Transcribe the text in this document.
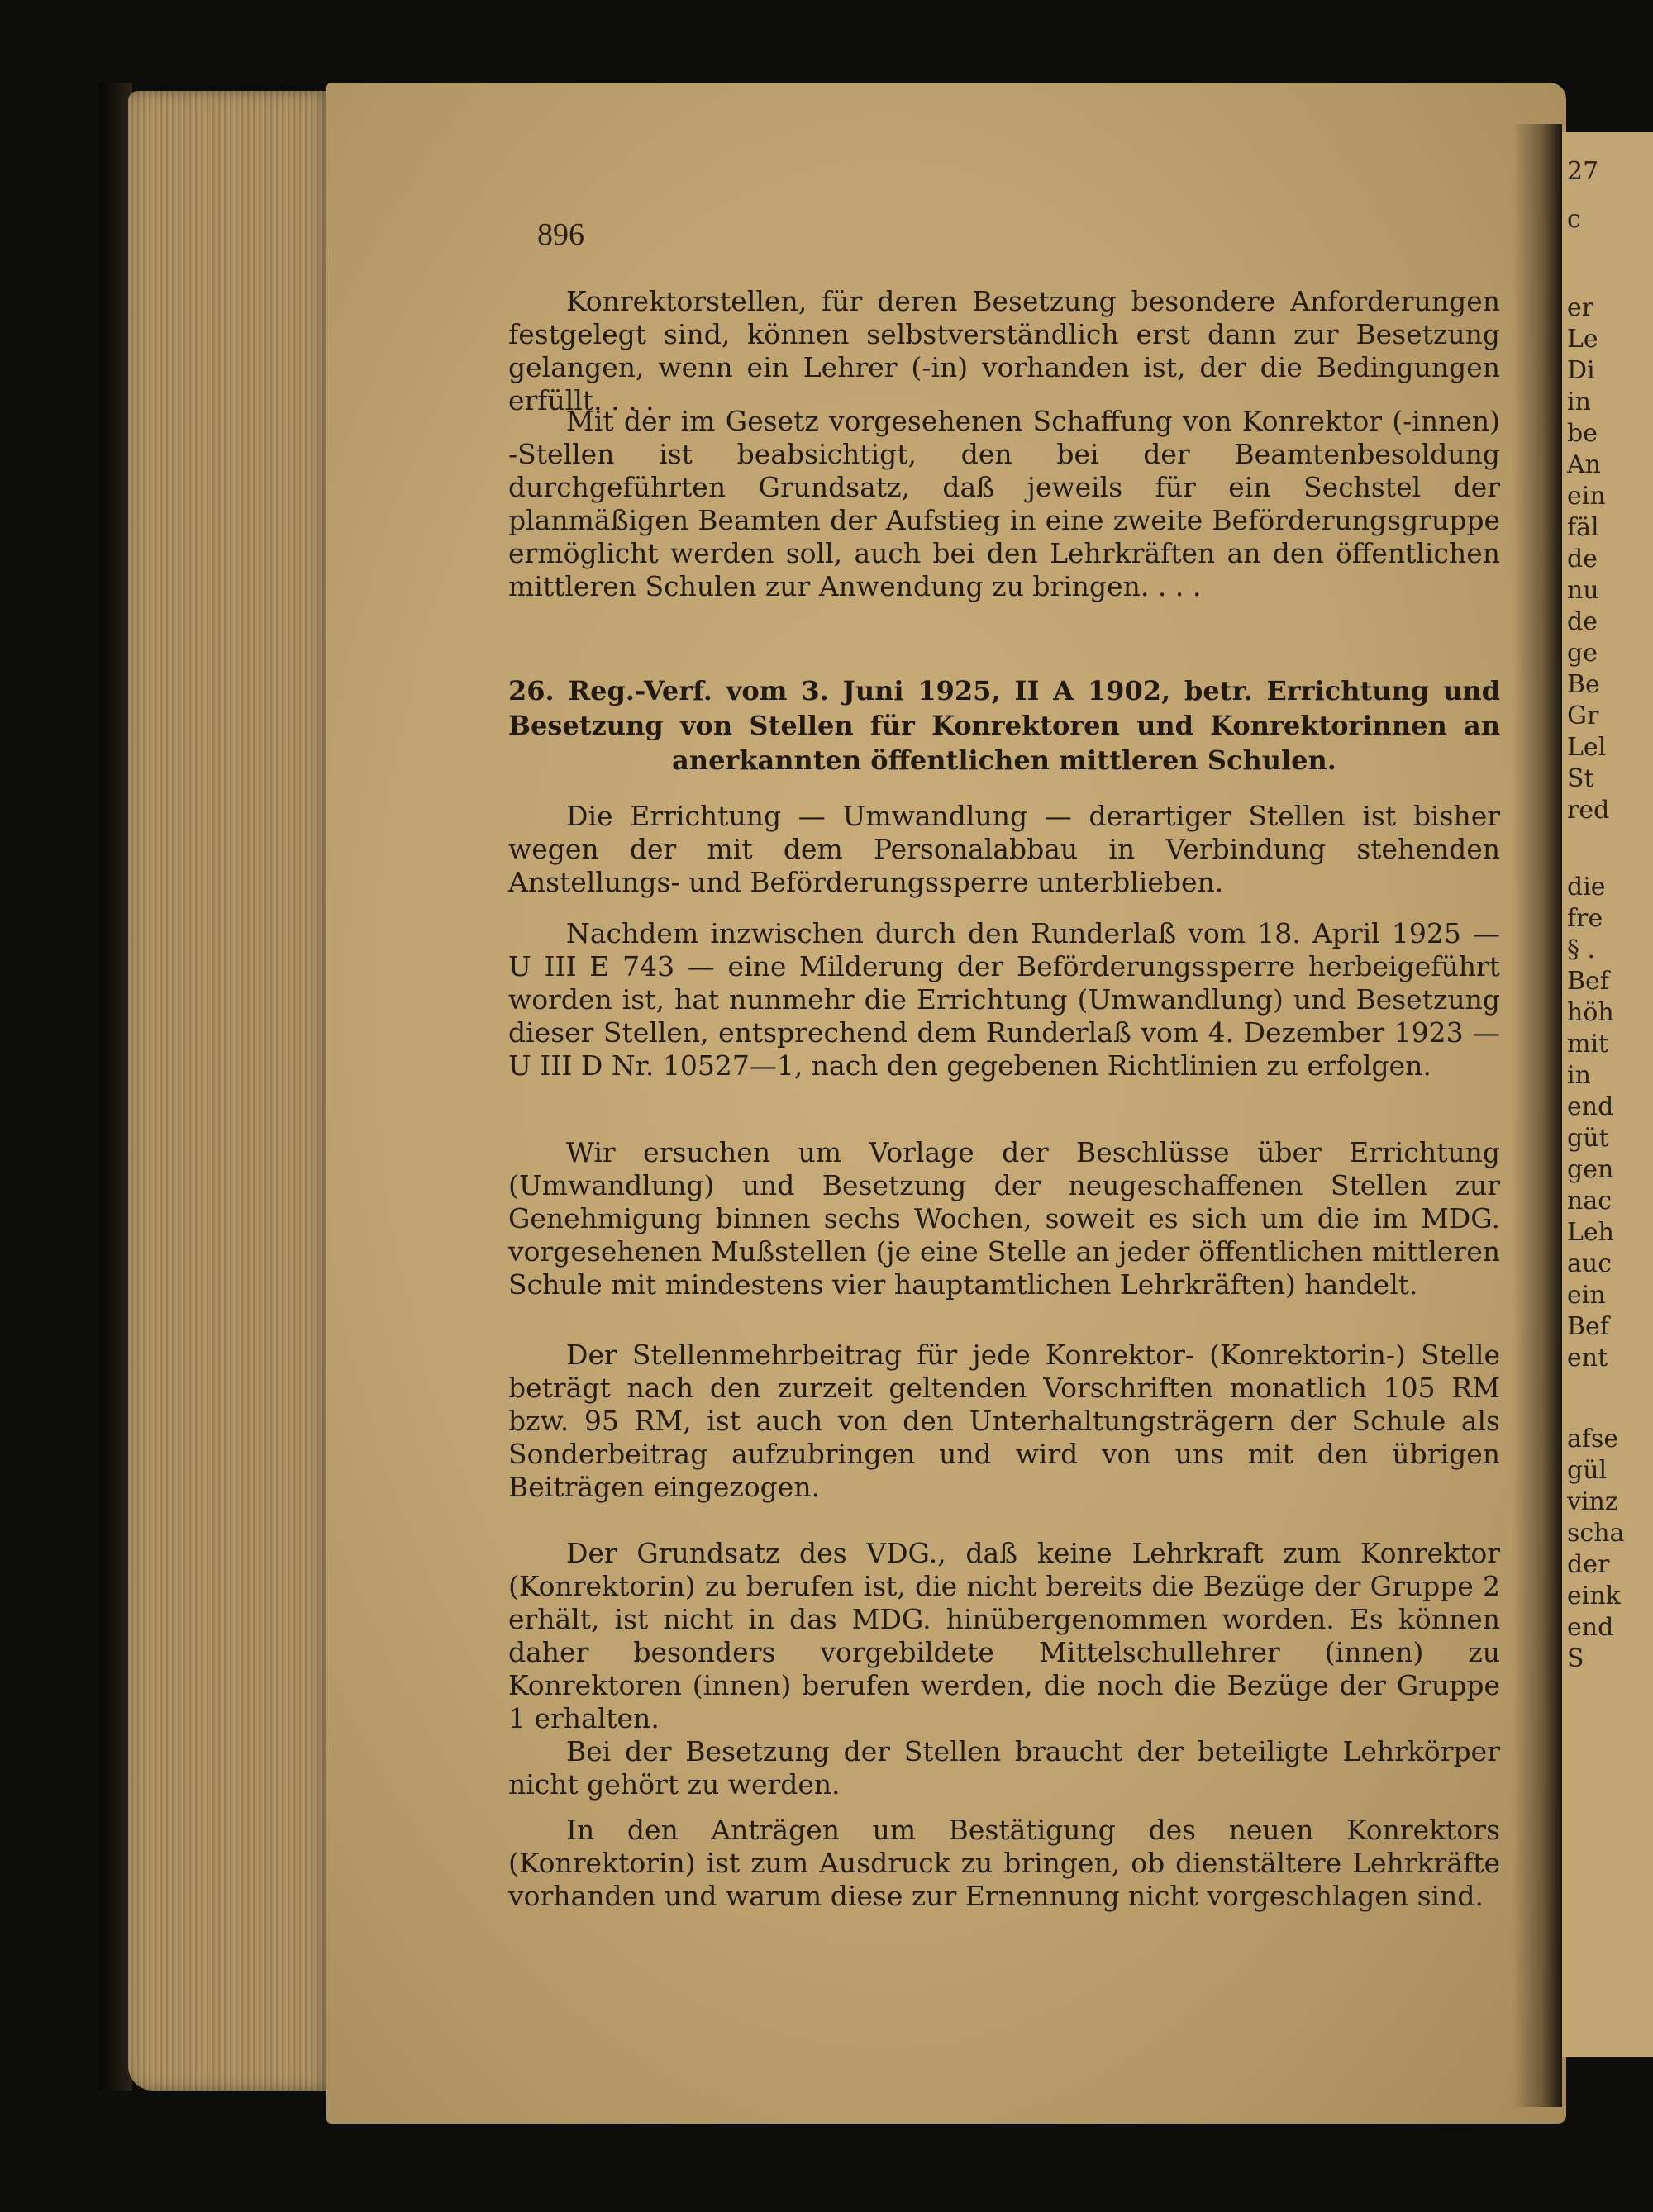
27
c
er
Le
Di
in
be
An
ein
fäl
de
nu
de
ge
Be
Gr
Lel
St
red
die
fre
§ .
Bef
höh
mit
in
end
güt
gen
nac
Leh
auc
ein
Bef
ent
afse
gül
vinz
scha
der
eink
end
S
896
Konrektorstellen, für deren Besetzung besondere Anforderungen festgelegt sind, können selbstverständlich erst dann zur Besetzung gelangen, wenn ein Lehrer (-in) vorhanden ist, der die Bedingungen erfüllt. . . .
Mit der im Gesetz vorgesehenen Schaffung von Konrektor (-innen) -Stellen ist beabsichtigt, den bei der Beamtenbesoldung durchgeführten Grundsatz, daß jeweils für ein Sechstel der planmäßigen Beamten der Aufstieg in eine zweite Beförderungsgruppe ermöglicht werden soll, auch bei den Lehrkräften an den öffentlichen mittleren Schulen zur Anwendung zu bringen. . . .
26. Reg.-Verf. vom 3. Juni 1925, II A 1902, betr. Errichtung und Besetzung von Stellen für Konrektoren und Konrektorinnen an anerkannten öffentlichen mittleren Schulen.
Die Errichtung — Umwandlung — derartiger Stellen ist bisher wegen der mit dem Personalabbau in Verbindung stehenden Anstellungs- und Beförderungssperre unterblieben.
Nachdem inzwischen durch den Runderlaß vom 18. April 1925 — U III E 743 — eine Milderung der Beförderungssperre herbeigeführt worden ist, hat nunmehr die Errichtung (Umwandlung) und Besetzung dieser Stellen, entsprechend dem Runderlaß vom 4. Dezember 1923 — U III D Nr. 10527—1, nach den gegebenen Richtlinien zu erfolgen.
Wir ersuchen um Vorlage der Beschlüsse über Errichtung (Umwandlung) und Besetzung der neugeschaffenen Stellen zur Genehmigung binnen sechs Wochen, soweit es sich um die im MDG. vorgesehenen Mußstellen (je eine Stelle an jeder öffentlichen mittleren Schule mit mindestens vier hauptamtlichen Lehrkräften) handelt.
Der Stellenmehrbeitrag für jede Konrektor- (Konrektorin-) Stelle beträgt nach den zurzeit geltenden Vorschriften monatlich 105 RM bzw. 95 RM, ist auch von den Unterhaltungsträgern der Schule als Sonderbeitrag aufzubringen und wird von uns mit den übrigen Beiträgen eingezogen.
Der Grundsatz des VDG., daß keine Lehrkraft zum Konrektor (Konrektorin) zu berufen ist, die nicht bereits die Bezüge der Gruppe 2 erhält, ist nicht in das MDG. hinübergenommen worden. Es können daher besonders vorgebildete Mittelschullehrer (innen) zu Konrektoren (innen) berufen werden, die noch die Bezüge der Gruppe 1 erhalten.
Bei der Besetzung der Stellen braucht der beteiligte Lehrkörper nicht gehört zu werden.
In den Anträgen um Bestätigung des neuen Konrektors (Konrektorin) ist zum Ausdruck zu bringen, ob dienstältere Lehrkräfte vorhanden und warum diese zur Ernennung nicht vorgeschlagen sind.
